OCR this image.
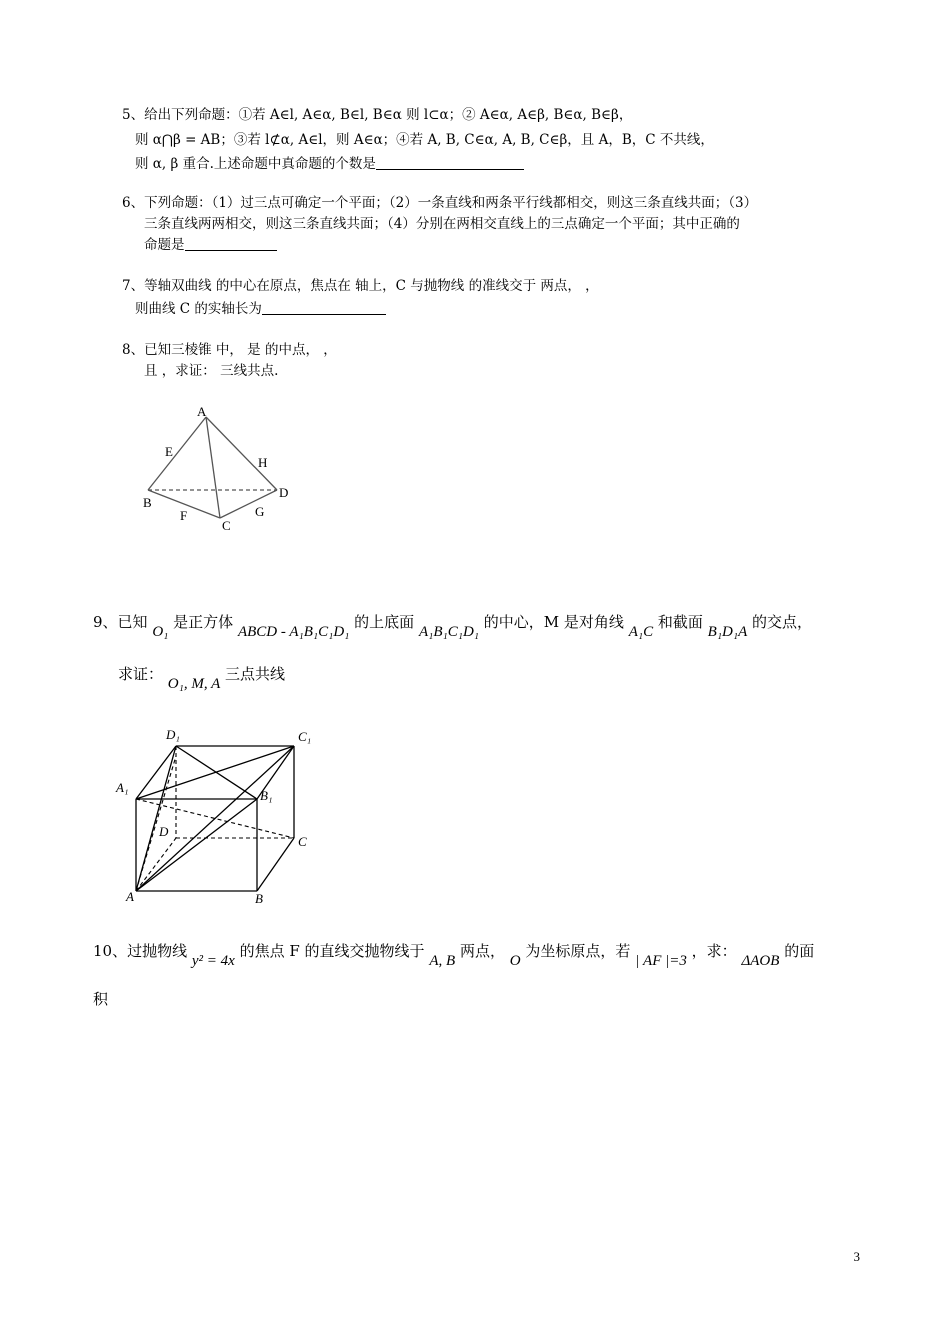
5、给出下列命题：①若 A∈l, A∈α, B∈l, B∈α 则 l⊂α；② A∈α, A∈β, B∈α, B∈β，
则 α⋂β = AB；③若 l⊄α, A∈l，则 A∈α；④若 A, B, C∈α, A, B, C∈β，且 A，B，C 不共线，
则 α, β 重合.上述命题中真命题的个数是
6、下列命题：（1）过三点可确定一个平面；（2）一条直线和两条平行线都相交，则这三条直线共面；（3）
三条直线两两相交，则这三条直线共面；（4）分别在两相交直线上的三点确定一个平面；其中正确的
命题是
7、等轴双曲线 的中心在原点，焦点在 轴上，C 与抛物线 的准线交于 两点， ，
则曲线 C 的实轴长为
8、已知三棱锥 中， 是 的中点， ，
且 ，求证： 三线共点.
A
E
H
B
D
F	G
C
9、已知 O₁ 是正方体 ABCD - A₁B₁C₁D₁ 的上底面 A₁B₁C₁D₁ 的中心，M 是对角线 A₁C 和截面 B₁D₁A 的交点，
求证： O₁, M, A 三点共线
D₁	C₁
A₁
B₁
D
C
A	B
10、过抛物线 y² = 4x 的焦点 F 的直线交抛物线于 A, B 两点， O 为坐标原点，若 | AF |=3 ，求： ΔAOB 的面
积
3
